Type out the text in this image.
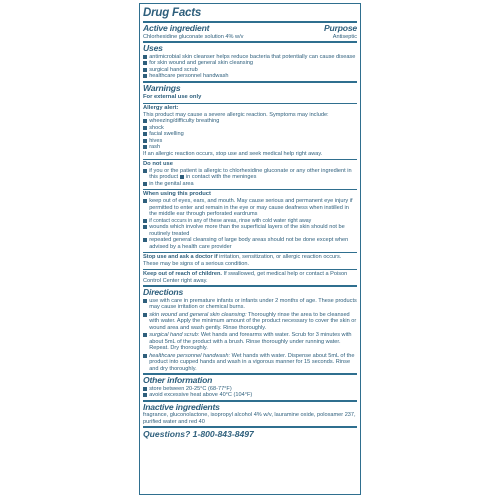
Drug Facts
Active ingredient	Purpose
Chlorhexidine gluconate solution 4% w/v	Antiseptic
Uses
antimicrobial skin cleanser helps reduce bacteria that potentially can cause disease
for skin wound and general skin cleansing
surgical hand scrub
healthcare personnel handwash
Warnings
For external use only
Allergy alert:
This product may cause a severe allergic reaction. Symptoms may include:
wheezing/difficulty breathing
shock
facial swelling
hives
rash
If an allergic reaction occurs, stop use and seek medical help right away.
Do not use
if you or the patient is allergic to chlorhexidine gluconate or any other ingredient in this product in contact with the meninges
in the genital area
When using this product
keep out of eyes, ears, and mouth. May cause serious and permanent eye injury if permitted to enter and remain in the eye or may cause deafness when instilled in the middle ear through perforated eardrums
if contact occurs in any of these areas, rinse with cold water right away
wounds which involve more than the superficial layers of the skin should not be routinely treated
repeated general cleansing of large body areas should not be done except when advised by a health care provider
Stop use and ask a doctor if irritation, sensitization, or allergic reaction occurs. These may be signs of a serious condition.
Keep out of reach of children. If swallowed, get medical help or contact a Poison Control Center right away.
Directions
use with care in premature infants or infants under 2 months of age. These products may cause irritation or chemical burns.
skin wound and general skin cleansing: Thoroughly rinse the area to be cleansed with water. Apply the minimum amount of the product necessary to cover the skin or wound area and wash gently. Rinse thoroughly.
surgical hand scrub: Wet hands and forearms with water. Scrub for 3 minutes with about 5mL of the product with a brush. Rinse thoroughly under running water. Repeat. Dry thoroughly.
healthcare personnel handwash: Wet hands with water. Dispense about 5mL of the product into cupped hands and wash in a vigorous manner for 15 seconds. Rinse and dry thoroughly.
Other information
store between 20-25°C (68-77°F)
avoid excessive heat above 40°C (104°F)
Inactive ingredients
fragrance, gluconolactone, isopropyl alcohol 4% w/v, lauramine oxide, poloxamer 237, purified water and red 40
Questions? 1-800-843-8497
